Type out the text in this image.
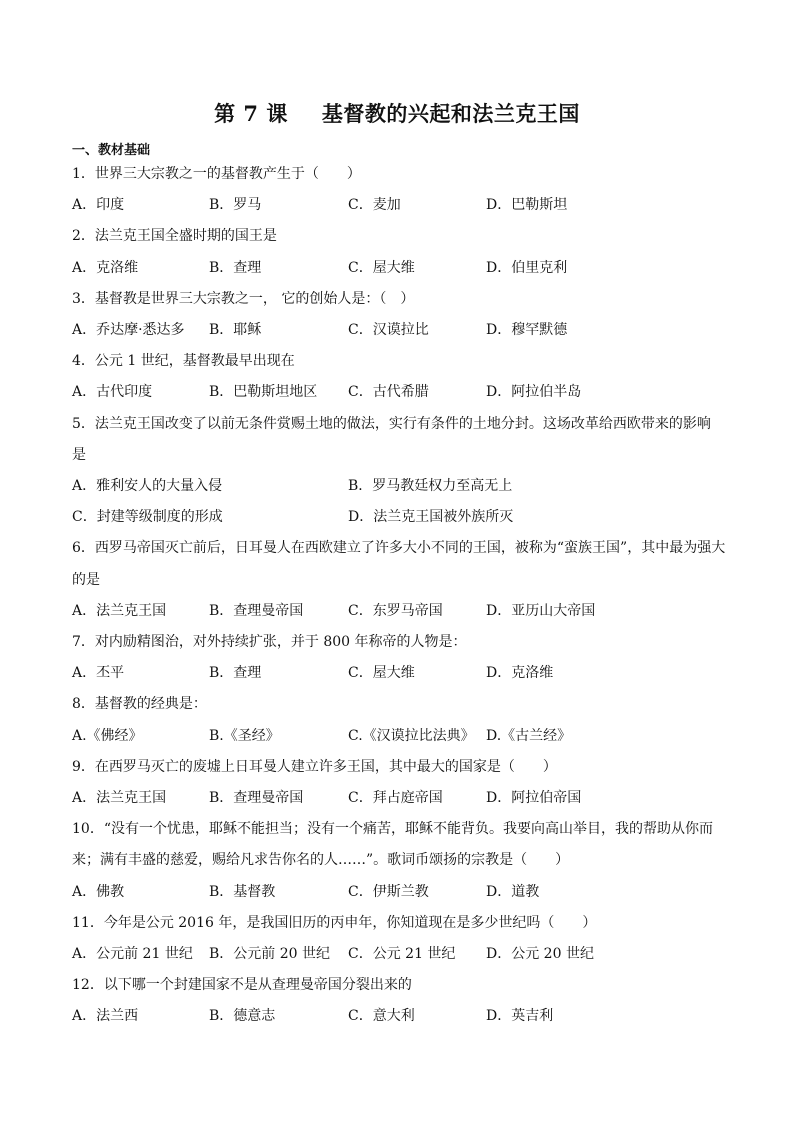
第 7 课 基督教的兴起和法兰克王国
一、教材基础
1．世界三大宗教之一的基督教产生于（　　）
A．印度	B．罗马	C．麦加	D．巴勒斯坦
2．法兰克王国全盛时期的国王是
A．克洛维	B．查理	C．屋大维	D．伯里克利
3．基督教是世界三大宗教之一， 它的创始人是：（　）
A．乔达摩·悉达多 B．耶稣	C．汉谟拉比	D．穆罕默德
4．公元 1 世纪，基督教最早出现在
A．古代印度	B．巴勒斯坦地区 C．古代希腊	D．阿拉伯半岛
5．法兰克王国改变了以前无条件赏赐土地的做法，实行有条件的土地分封。这场改革给西欧带来的影响
是
A．雅利安人的大量入侵	B．罗马教廷权力至高无上
C．封建等级制度的形成	D．法兰克王国被外族所灭
6．西罗马帝国灭亡前后，日耳曼人在西欧建立了许多大小不同的王国，被称为“蛮族王国”，其中最为强大
的是
A．法兰克王国	B．查理曼帝国	C．东罗马帝国	D．亚历山大帝国
7．对内励精图治，对外持续扩张，并于 800 年称帝的人物是：
A．丕平	B．查理	C．屋大维	D．克洛维
8．基督教的经典是：
A.《佛经》	B.《圣经》	C.《汉谟拉比法典》 D.《古兰经》
9．在西罗马灭亡的废墟上日耳曼人建立许多王国，其中最大的国家是（　　）
A．法兰克王国	B．查理曼帝国	C．拜占庭帝国	D．阿拉伯帝国
10．“没有一个忧患，耶稣不能担当；没有一个痛苦，耶稣不能背负。我要向高山举目，我的帮助从你而
来；满有丰盛的慈爱，赐给凡求告你名的人……”。歌词币颂扬的宗教是（　　）
A．佛教	B．基督教	C．伊斯兰教	D．道教
11．今年是公元 2016 年，是我国旧历的丙申年，你知道现在是多少世纪吗（　　）
A．公元前 21 世纪 B．公元前 20 世纪 C．公元 21 世纪 D．公元 20 世纪
12．以下哪一个封建国家不是从查理曼帝国分裂出来的
A．法兰西	B．德意志	C．意大利	D．英吉利
